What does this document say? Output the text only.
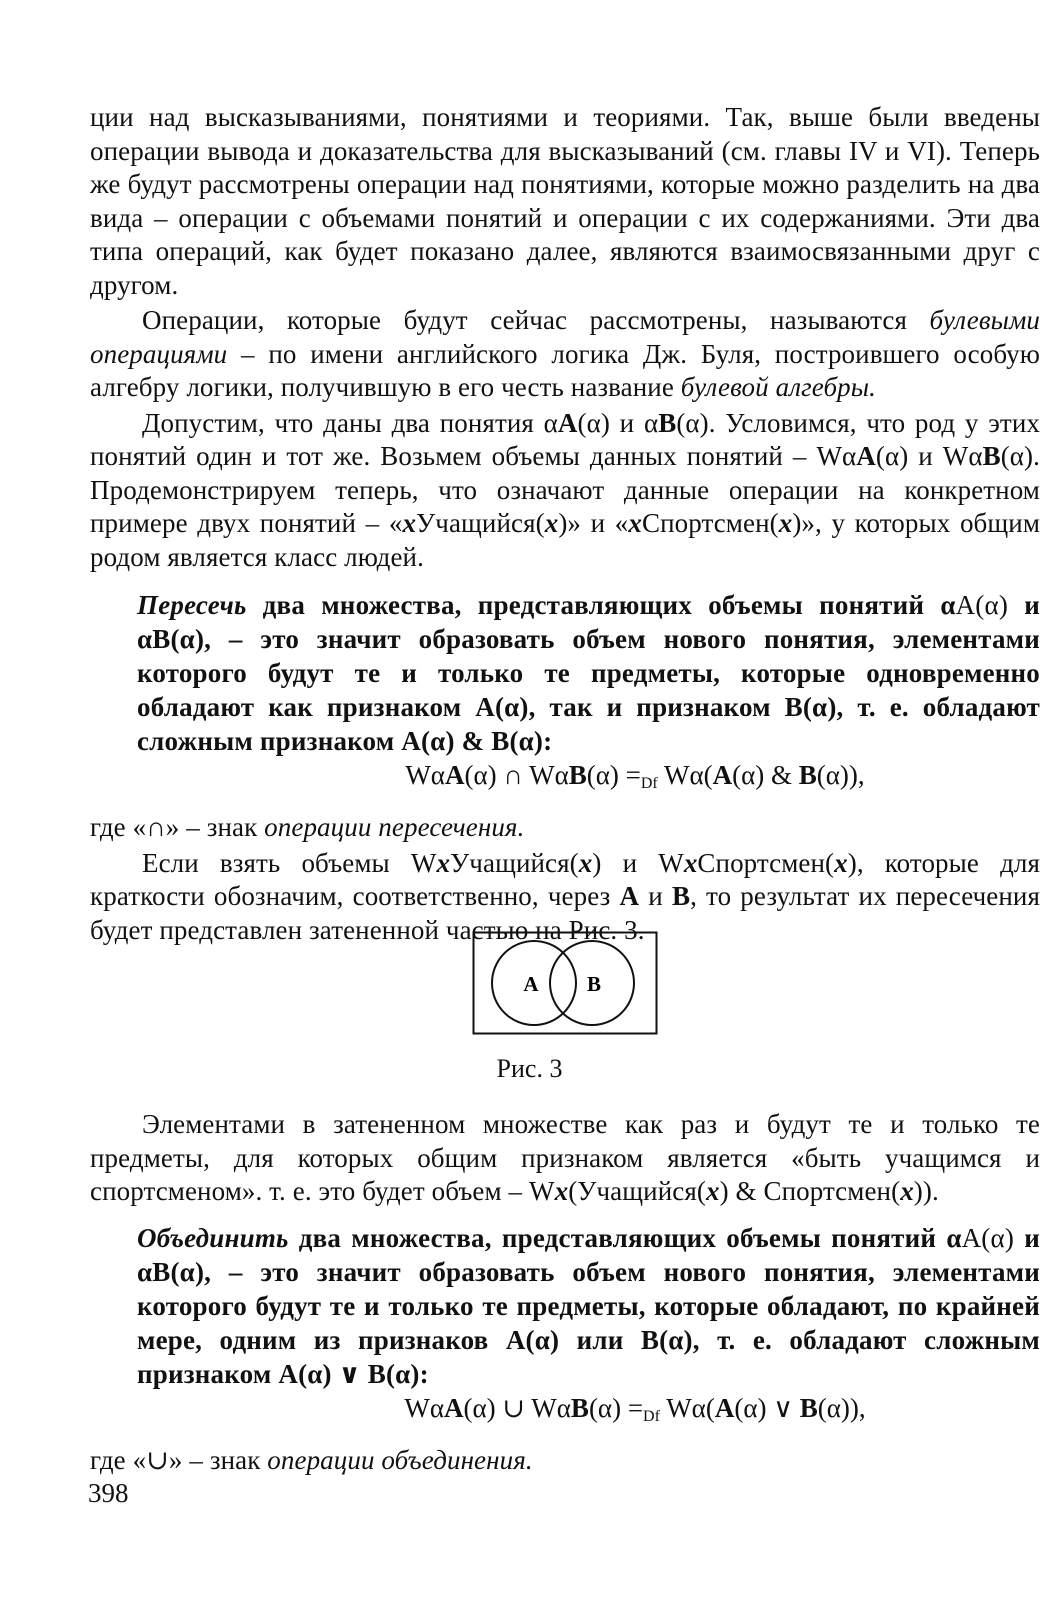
ции над высказываниями, понятиями и теориями. Так, выше были введены операции вывода и доказательства для высказываний (см. главы IV и VI). Теперь же будут рассмотрены операции над понятиями, которые можно разделить на два вида – операции с объемами понятий и операции с их содержаниями. Эти два типа операций, как будет показано далее, являются взаимосвязанными друг с другом.

Операции, которые будут сейчас рассмотрены, называются булевыми операциями – по имени английского логика Дж. Буля, построившего особую алгебру логики, получившую в его честь название булевой алгебры.

Допустим, что даны два понятия αA(α) и αB(α). Условимся, что род у этих понятий один и тот же. Возьмем объемы данных понятий – WαA(α) и WαB(α). Продемонстрируем теперь, что означают данные операции на конкретном примере двух понятий – «xУчащийся(x)» и «xСпортсмен(x)», у которых общим родом является класс людей.

Пересечь два множества, представляющих объемы понятий αA(α) и αB(α), – это значит образовать объем нового понятия, элементами которого будут те и только те предметы, которые одновременно обладают как признаком A(α), так и признаком B(α), т. е. обладают сложным признаком A(α) & B(α):

WαA(α) ∩ $W\alpha B(\alpha) =_{Df}$ Wα(A(α) & B(α)),

где «∩» – знак операции пересечения.

Если взять объемы WxУчащийся(x) и WxСпортсмен(x), которые для краткости обозначим, соответственно, через A и B, то результат их пересечения будет представлен затененной частью на Рис. 3.

A B
Рис. 3

Элементами в затененном множестве как раз и будут те и только те предметы, для которых общим признаком является «быть учащимся и спортсменом». т. е. это будет объем – Wx(Учащийся(x) & Спортсмен(x)).

Объединить два множества, представляющих объемы понятий αA(α) и αB(α), – это значит образовать объем нового понятия, элементами которого будут те и только те предметы, которые обладают, по крайней мере, одним из признаков A(α) или B(α), т. е. обладают сложным признаком A(α) ∨ B(α):

WαA(α) ∪ $W\alpha B(\alpha) =_{Df}$ Wα(A(α) ∨ B(α)),

где «∪» – знак операции объединения.

398
